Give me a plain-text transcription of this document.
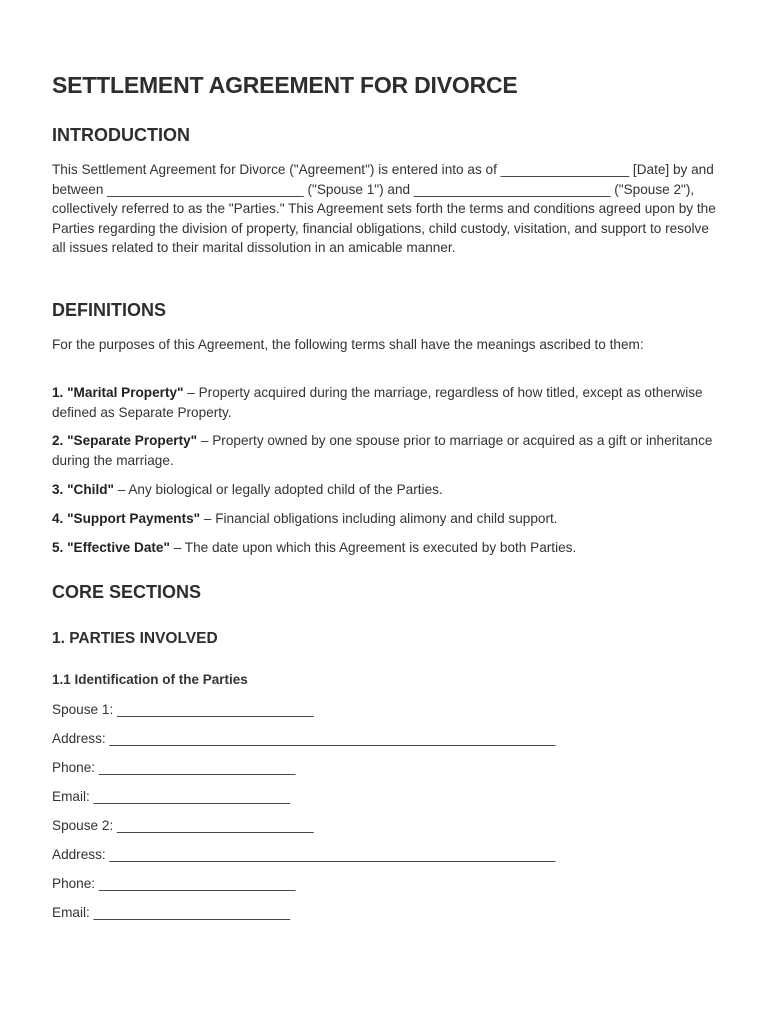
SETTLEMENT AGREEMENT FOR DIVORCE
INTRODUCTION

This Settlement Agreement for Divorce ("Agreement") is entered into as of _________________ [Date] by and between __________________________ ("Spouse 1") and __________________________ ("Spouse 2"), collectively referred to as the "Parties." This Agreement sets forth the terms and conditions agreed upon by the Parties regarding the division of property, financial obligations, child custody, visitation, and support to resolve all issues related to their marital dissolution in an amicable manner.

DEFINITIONS

For the purposes of this Agreement, the following terms shall have the meanings ascribed to them:

1. "Marital Property" – Property acquired during the marriage, regardless of how titled, except as otherwise defined as Separate Property.

2. "Separate Property" – Property owned by one spouse prior to marriage or acquired as a gift or inheritance during the marriage.

3. "Child" – Any biological or legally adopted child of the Parties.

4. "Support Payments" – Financial obligations including alimony and child support.

5. "Effective Date" – The date upon which this Agreement is executed by both Parties.

CORE SECTIONS
1. PARTIES INVOLVED
1.1 Identification of the Parties

Spouse 1: __________________________

Address: ___________________________________________________________

Phone: __________________________

Email: __________________________

Spouse 2: __________________________

Address: ___________________________________________________________

Phone: __________________________

Email: __________________________
